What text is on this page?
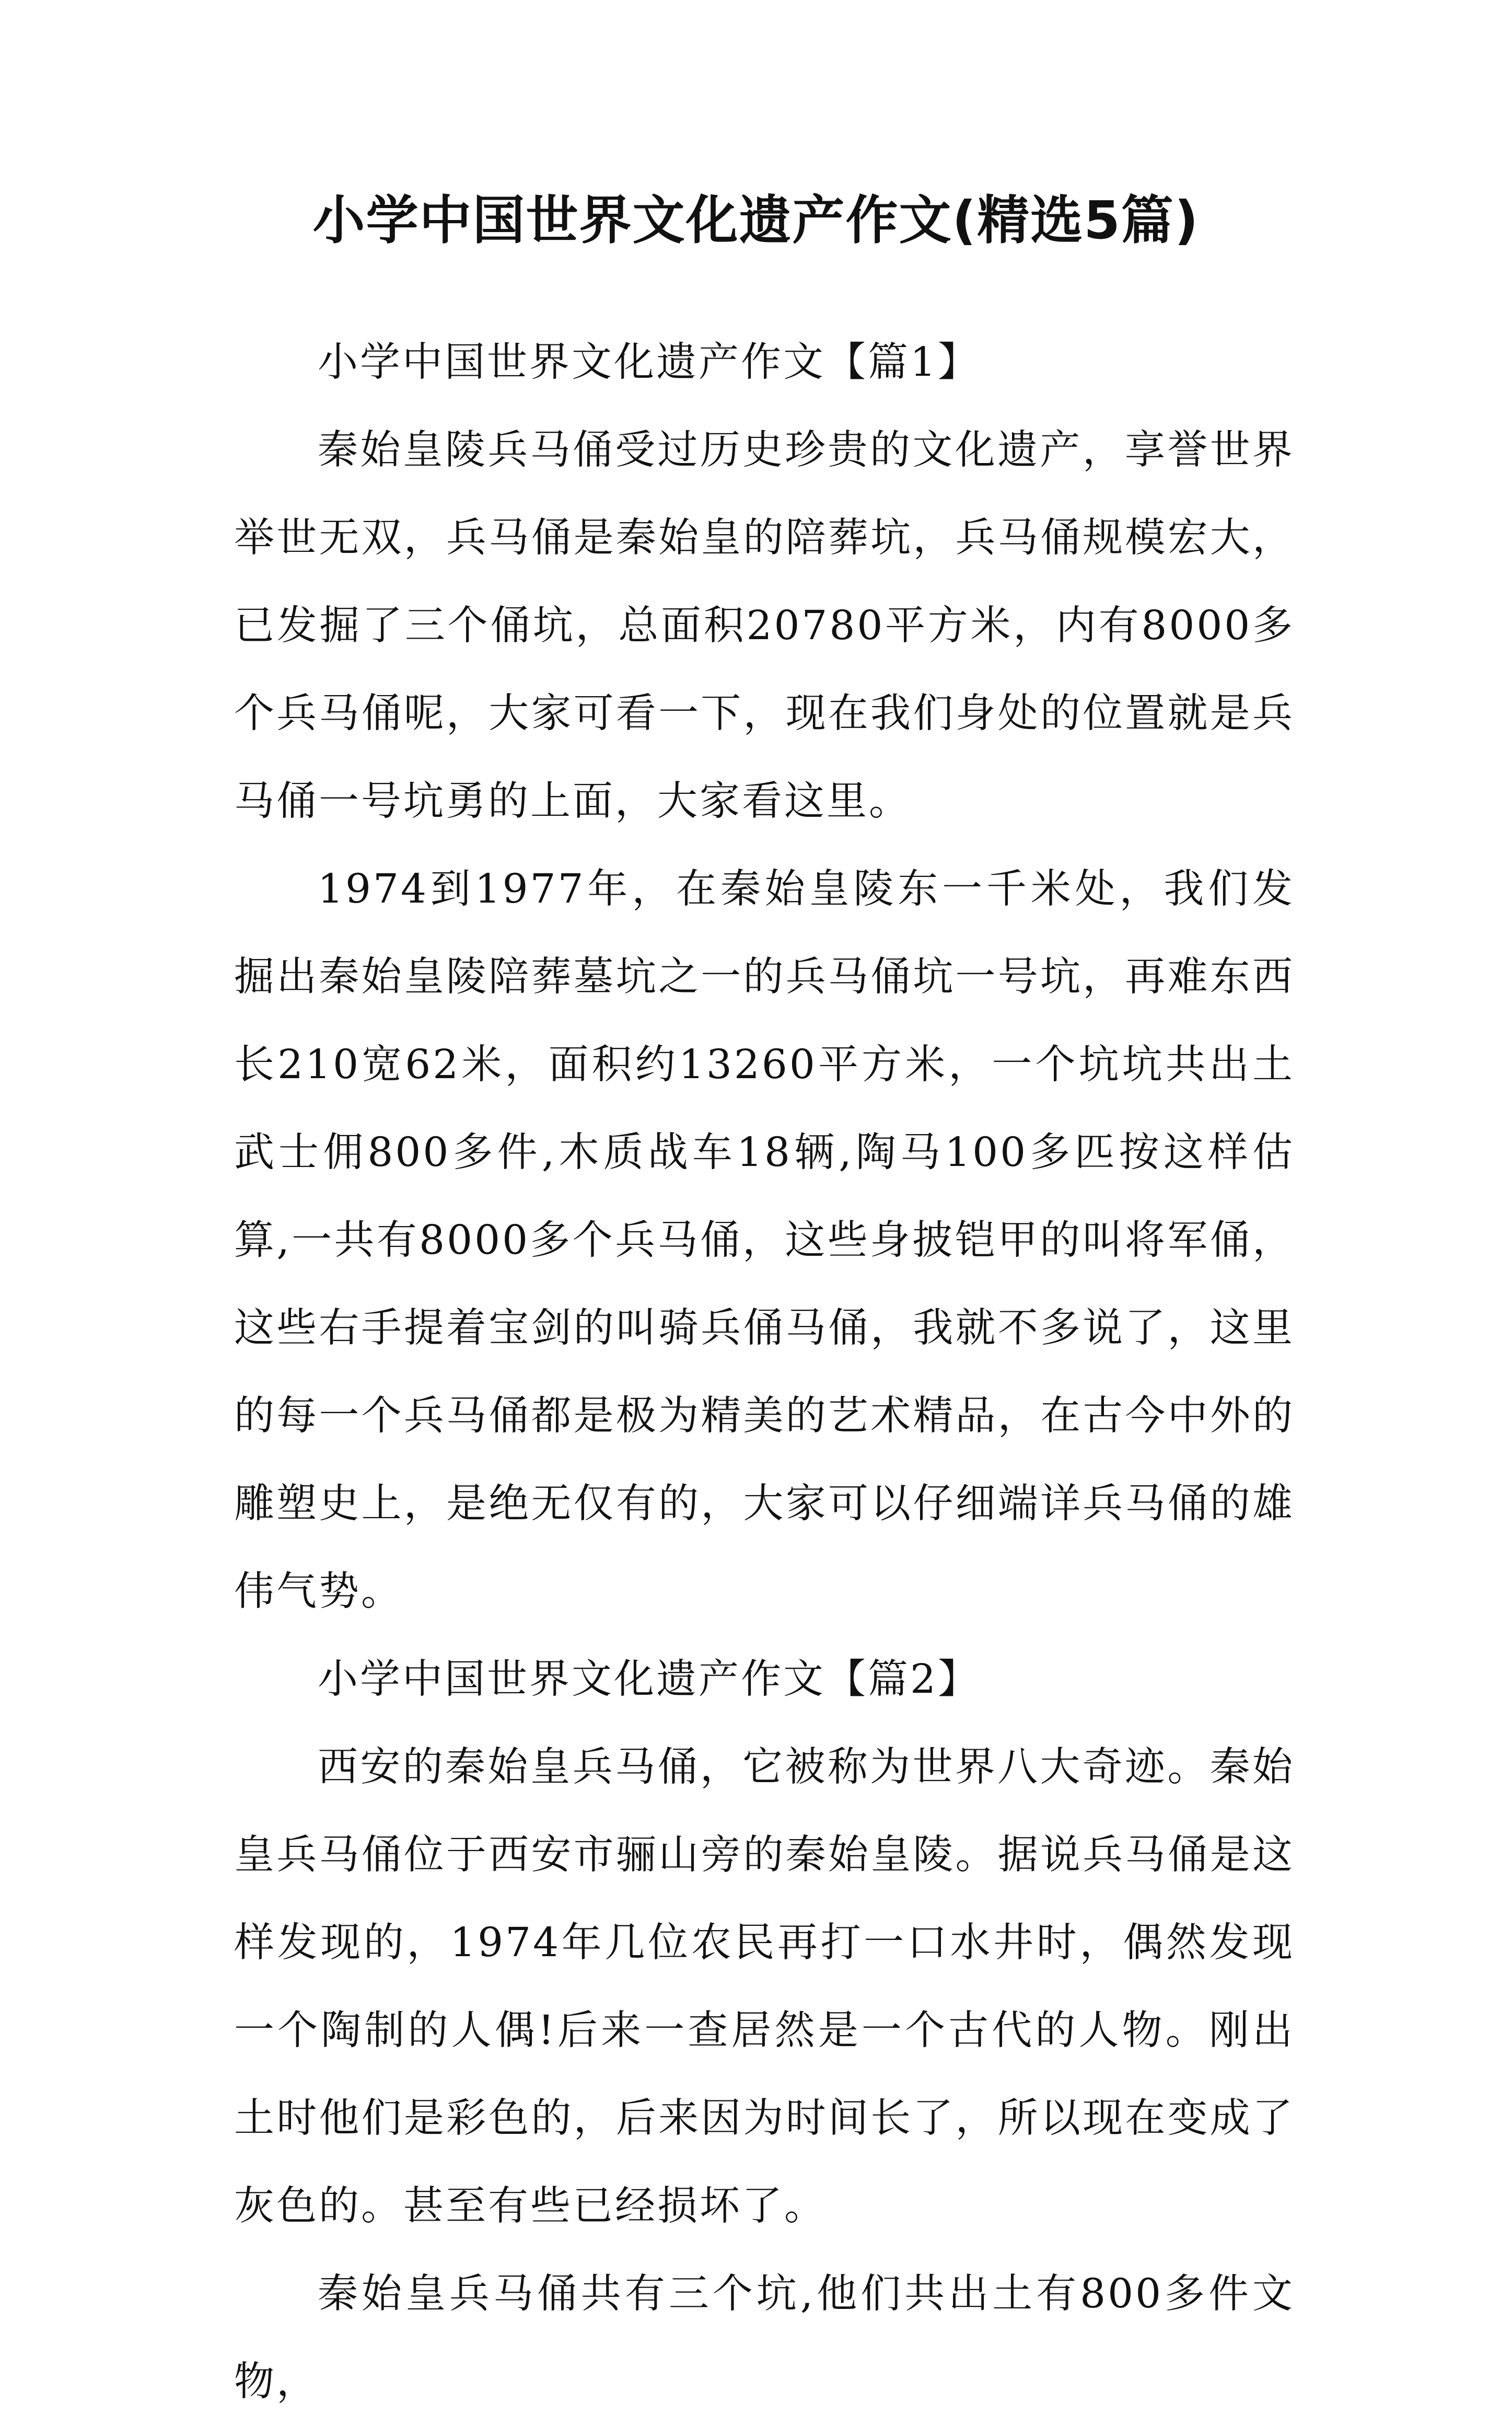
小学中国世界文化遗产作文(精选5篇)

小学中国世界文化遗产作文【篇1】

秦始皇陵兵马俑受过历史珍贵的文化遗产，享誉世界举世无双，兵马俑是秦始皇的陪葬坑，兵马俑规模宏大，已发掘了三个俑坑，总面积20780平方米，内有8000多个兵马俑呢，大家可看一下，现在我们身处的位置就是兵马俑一号坑勇的上面，大家看这里。

1974到1977年，在秦始皇陵东一千米处，我们发掘出秦始皇陵陪葬墓坑之一的兵马俑坑一号坑，再难东西长210宽62米，面积约13260平方米，一个坑坑共出土武士佣800多件,木质战车18辆,陶马100多匹按这样估算,一共有8000多个兵马俑，这些身披铠甲的叫将军俑，这些右手提着宝剑的叫骑兵俑马俑，我就不多说了，这里的每一个兵马俑都是极为精美的艺术精品，在古今中外的雕塑史上，是绝无仅有的，大家可以仔细端详兵马俑的雄伟气势。

小学中国世界文化遗产作文【篇2】

西安的秦始皇兵马俑，它被称为世界八大奇迹。秦始皇兵马俑位于西安市骊山旁的秦始皇陵。据说兵马俑是这样发现的，1974年几位农民再打一口水井时，偶然发现一个陶制的人偶!后来一查居然是一个古代的人物。刚出土时他们是彩色的，后来因为时间长了，所以现在变成了灰色的。甚至有些已经损坏了。

秦始皇兵马俑共有三个坑,他们共出土有800多件文物，
